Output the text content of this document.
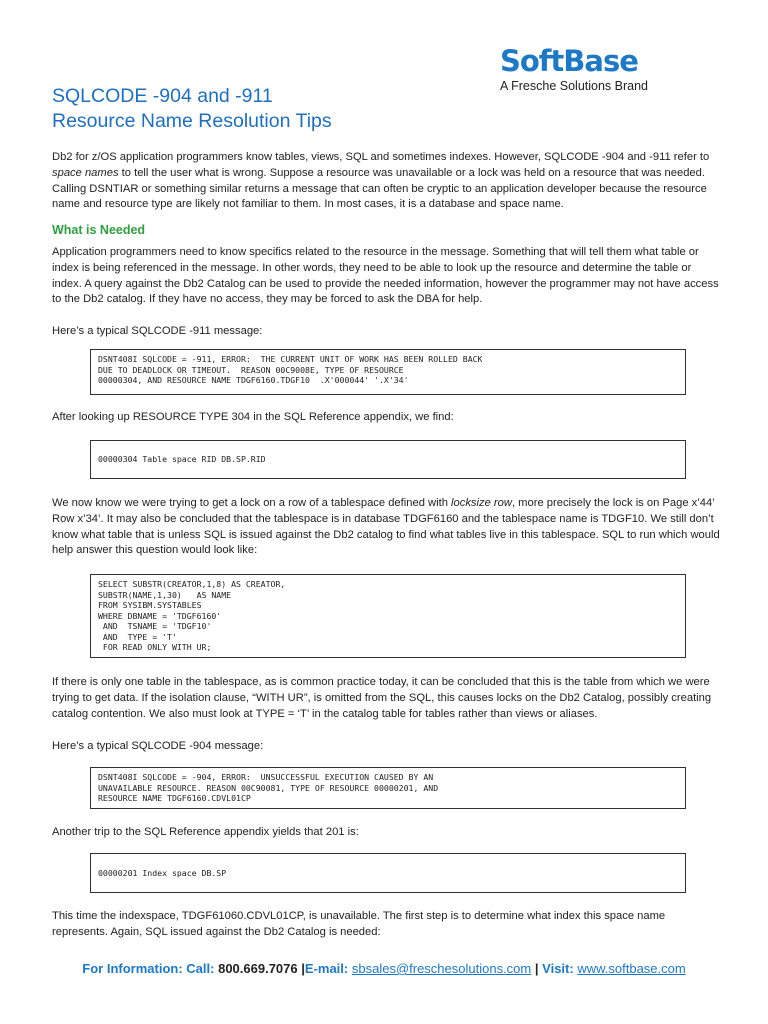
SoftBase
A Fresche Solutions Brand
SQLCODE -904 and -911
Resource Name Resolution Tips
Db2 for z/OS application programmers know tables, views, SQL and sometimes indexes. However, SQLCODE -904 and -911 refer to space names to tell the user what is wrong. Suppose a resource was unavailable or a lock was held on a resource that was needed. Calling DSNTIAR or something similar returns a message that can often be cryptic to an application developer because the resource name and resource type are likely not familiar to them. In most cases, it is a database and space name.
What is Needed
Application programmers need to know specifics related to the resource in the message. Something that will tell them what table or index is being referenced in the message. In other words, they need to be able to look up the resource and determine the table or index. A query against the Db2 Catalog can be used to provide the needed information, however the programmer may not have access to the Db2 catalog. If they have no access, they may be forced to ask the DBA for help.
Here’s a typical SQLCODE -911 message:
DSNT408I SQLCODE = -911, ERROR:  THE CURRENT UNIT OF WORK HAS BEEN ROLLED BACK
DUE TO DEADLOCK OR TIMEOUT.  REASON 00C9008E, TYPE OF RESOURCE
00000304, AND RESOURCE NAME TDGF6160.TDGF10  .X'000044' '.X'34'
After looking up RESOURCE TYPE 304 in the SQL Reference appendix, we find:
00000304 Table space RID DB.SP.RID
We now know we were trying to get a lock on a row of a tablespace defined with locksize row, more precisely the lock is on Page x’44’ Row x’34’. It may also be concluded that the tablespace is in database TDGF6160 and the tablespace name is TDGF10. We still don’t know what table that is unless SQL is issued against the Db2 catalog to find what tables live in this tablespace. SQL to run which would help answer this question would look like:
SELECT SUBSTR(CREATOR,1,8) AS CREATOR,
SUBSTR(NAME,1,30)   AS NAME
FROM SYSIBM.SYSTABLES
WHERE DBNAME = 'TDGF6160'
AND  TSNAME = 'TDGF10'
AND  TYPE = 'T'
FOR READ ONLY WITH UR;
If there is only one table in the tablespace, as is common practice today, it can be concluded that this is the table from which we were trying to get data. If the isolation clause, “WITH UR”, is omitted from the SQL, this causes locks on the Db2 Catalog, possibly creating catalog contention. We also must look at TYPE = ‘T’ in the catalog table for tables rather than views or aliases.
Here’s a typical SQLCODE -904 message:
DSNT408I SQLCODE = -904, ERROR:  UNSUCCESSFUL EXECUTION CAUSED BY AN
UNAVAILABLE RESOURCE. REASON 00C90081, TYPE OF RESOURCE 00000201, AND
RESOURCE NAME TDGF6160.CDVL01CP
Another trip to the SQL Reference appendix yields that 201 is:
00000201 Index space DB.SP
This time the indexspace, TDGF61060.CDVL01CP, is unavailable. The first step is to determine what index this space name represents. Again, SQL issued against the Db2 Catalog is needed:
For Information: Call: 800.669.7076 |E-mail: sbsales@freschesolutions.com | Visit: www.softbase.com
